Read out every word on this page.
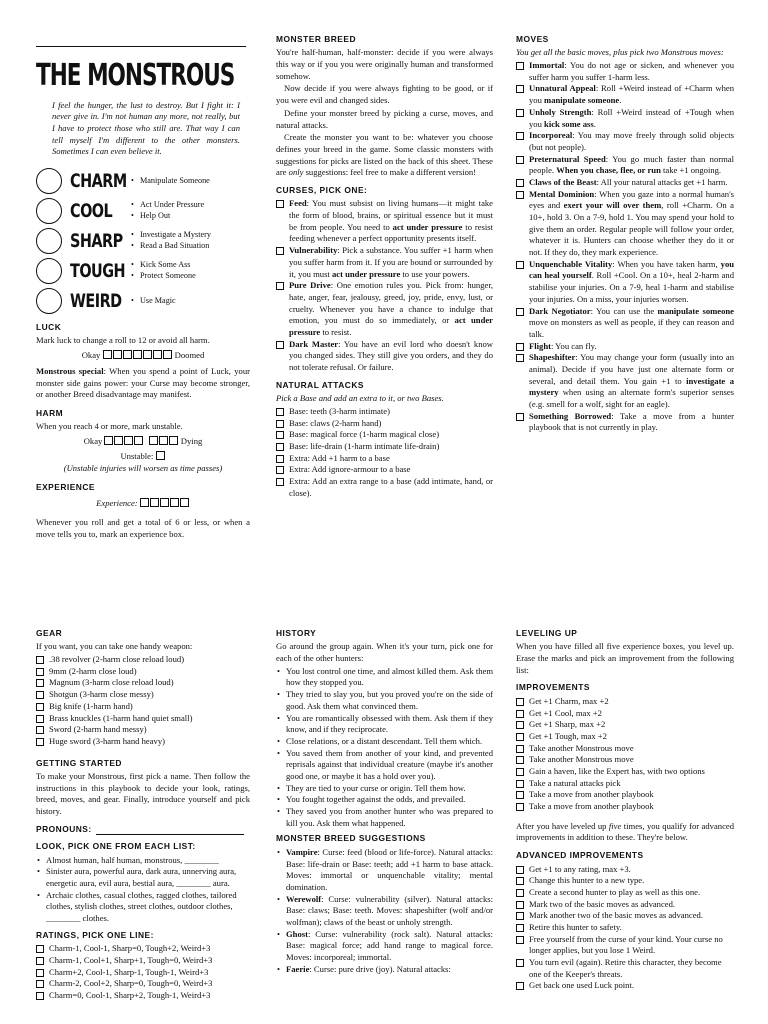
THE MONSTROUS

I feel the hunger, the lust to destroy. But I fight it: I never give in. I'm not human any more, not really, but I have to protect those who still are. That way I can tell myself I'm different to the other monsters. Sometimes I can even believe it.

CHARM	• Manipulate Someone
COOL	• Act Under Pressure
• Help Out
SHARP	• Investigate a Mystery
• Read a Bad Situation
TOUGH	• Kick Some Ass
• Protect Someone
WEIRD	• Use Magic
LUCK

Mark luck to change a roll to 12 or avoid all harm.

Okay	Doomed

Monstrous special: When you spend a point of Luck, your monster side gains power: your Curse may become stronger, or another Breed disadvantage may manifest.

HARM

When you reach 4 or more, mark unstable.

Okay
	Dying

Unstable:

(Unstable injuries will worsen as time passes)

EXPERIENCE

Experience:

Whenever you roll and get a total of 6 or less, or when a move tells you to, mark an experience box.

MONSTER BREED

You're half-human, half-monster: decide if you were always this way or if you you were originally human and transformed somehow.

Now decide if you were always fighting to be good, or if you were evil and changed sides.

Define your monster breed by picking a curse, moves, and natural attacks.

Create the monster you want to be: whatever you choose defines your breed in the game. Some classic monsters with suggestions for picks are listed on the back of this sheet. These are only suggestions: feel free to make a different version!

CURSES, PICK ONE:
Feed: You must subsist on living humans—it might take the form of blood, brains, or spiritual essence but it must be from people. You need to act under pressure to resist feeding whenever a perfect opportunity presents itself.
Vulnerability: Pick a substance. You suffer +1 harm when you suffer harm from it. If you are bound or surrounded by it, you must act under pressure to use your powers.
Pure Drive: One emotion rules you. Pick from: hunger, hate, anger, fear, jealousy, greed, joy, pride, envy, lust, or cruelty. Whenever you have a chance to indulge that emotion, you must do so immediately, or act under pressure to resist.
Dark Master: You have an evil lord who doesn't know you changed sides. They still give you orders, and they do not tolerate refusal. Or failure.
NATURAL ATTACKS

Pick a Base and add an extra to it, or two Bases.

Base: teeth (3-harm intimate)
Base: claws (2-harm hand)
Base: magical force (1-harm magical close)
Base: life-drain (1-harm intimate life-drain)
Extra: Add +1 harm to a base
Extra: Add ignore-armour to a base
Extra: Add an extra range to a base (add intimate, hand, or close).
MOVES

You get all the basic moves, plus pick two Monstrous moves:

Immortal: You do not age or sicken, and whenever you suffer harm you suffer 1-harm less.
Unnatural Appeal: Roll +Weird instead of +Charm when you manipulate someone.
Unholy Strength: Roll +Weird instead of +Tough when you kick some ass.
Incorporeal: You may move freely through solid objects (but not people).
Preternatural Speed: You go much faster than normal people. When you chase, flee, or run take +1 ongoing.
Claws of the Beast: All your natural attacks get +1 harm.
Mental Dominion: When you gaze into a normal human's eyes and exert your will over them, roll +Charm. On a 10+, hold 3. On a 7-9, hold 1. You may spend your hold to give them an order. Regular people will follow your order, whatever it is. Hunters can choose whether they do it or not. If they do, they mark experience.
Unquenchable Vitality: When you have taken harm, you can heal yourself. Roll +Cool. On a 10+, heal 2-harm and stabilise your injuries. On a 7-9, heal 1-harm and stabilise your injuries. On a miss, your injuries worsen.
Dark Negotiator: You can use the manipulate someone move on monsters as well as people, if they can reason and talk.
Flight: You can fly.
Shapeshifter: You may change your form (usually into an animal). Decide if you have just one alternate form or several, and detail them. You gain +1 to investigate a mystery when using an alternate form's superior senses (e.g. smell for a wolf, sight for an eagle).
Something Borrowed: Take a move from a hunter playbook that is not currently in play.
GEAR

If you want, you can take one handy weapon:

.38 revolver (2-harm close reload loud)
9mm (2-harm close loud)
Magnum (3-harm close reload loud)
Shotgun (3-harm close messy)
Big knife (1-harm hand)
Brass knuckles (1-harm hand quiet small)
Sword (2-harm hand messy)
Huge sword (3-harm hand heavy)
GETTING STARTED

To make your Monstrous, first pick a name. Then follow the instructions in this playbook to decide your look, ratings, breed, moves, and gear. Finally, introduce yourself and pick history.

PRONOUNS:
LOOK, PICK ONE FROM EACH LIST:
• Almost human, half human, monstrous, ________
• Sinister aura, powerful aura, dark aura, unnerving aura, energetic aura, evil aura, bestial aura, ________ aura.
• Archaic clothes, casual clothes, ragged clothes, tailored clothes, stylish clothes, street clothes, outdoor clothes, ________ clothes.
RATINGS, PICK ONE LINE:
Charm-1, Cool-1, Sharp=0, Tough+2, Weird+3
Charm-1, Cool+1, Sharp+1, Tough=0, Weird+3
Charm+2, Cool-1, Sharp-1, Tough-1, Weird+3
Charm-2, Cool+2, Sharp=0, Tough=0, Weird+3
Charm=0, Cool-1, Sharp+2, Tough-1, Weird+3
HISTORY

Go around the group again. When it's your turn, pick one for each of the other hunters:

• You lost control one time, and almost killed them. Ask them how they stopped you.
• They tried to slay you, but you proved you're on the side of good. Ask them what convinced them.
• You are romantically obsessed with them. Ask them if they know, and if they reciprocate.
• Close relations, or a distant descendant. Tell them which.
• You saved them from another of your kind, and prevented reprisals against that individual creature (maybe it's another good one, or maybe it has a hold over you).
• They are tied to your curse or origin. Tell them how.
• You fought together against the odds, and prevailed.
• They saved you from another hunter who was prepared to kill you. Ask them what happened.
MONSTER BREED SUGGESTIONS
• Vampire: Curse: feed (blood or life-force). Natural attacks: Base: life-drain or Base: teeth; add +1 harm to base attack. Moves: immortal or unquenchable vitality; mental domination.
• Werewolf: Curse: vulnerability (silver). Natural attacks: Base: claws; Base: teeth. Moves: shapeshifter (wolf and/or wolfman); claws of the beast or unholy strength.
• Ghost: Curse: vulnerability (rock salt). Natural attacks: Base: magical force; add hand range to magical force. Moves: incorporeal; immortal.
• Faerie: Curse: pure drive (joy). Natural attacks:
LEVELING UP

When you have filled all five experience boxes, you level up. Erase the marks and pick an improvement from the following list:

IMPROVEMENTS
Get +1 Charm, max +2
Get +1 Cool, max +2
Get +1 Sharp, max +2
Get +1 Tough, max +2
Take another Monstrous move
Take another Monstrous move
Gain a haven, like the Expert has, with two options
Take a natural attacks pick
Take a move from another playbook
Take a move from another playbook

After you have leveled up five times, you qualify for advanced improvements in addition to these. They're below.

ADVANCED IMPROVEMENTS
Get +1 to any rating, max +3.
Change this hunter to a new type.
Create a second hunter to play as well as this one.
Mark two of the basic moves as advanced.
Mark another two of the basic moves as advanced.
Retire this hunter to safety.
Free yourself from the curse of your kind. Your curse no longer applies, but you lose 1 Weird.
You turn evil (again). Retire this character, they become one of the Keeper's threats.
Get back one used Luck point.
